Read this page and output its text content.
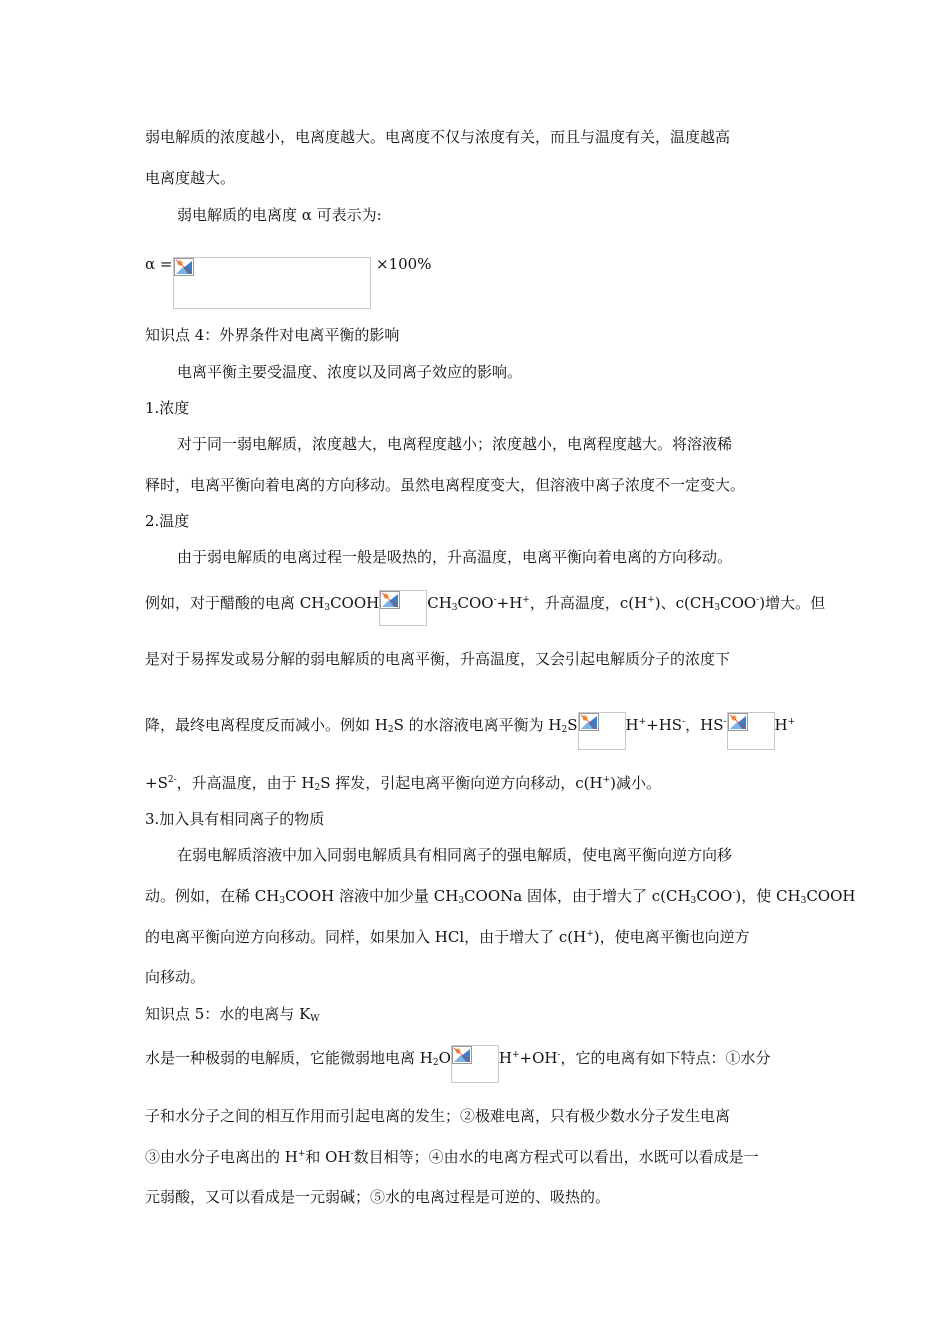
弱电解质的浓度越小，电离度越大。电离度不仅与浓度有关，而且与温度有关，温度越高
电离度越大。
弱电解质的电离度 α 可表示为:
α =	×100%
知识点 4：外界条件对电离平衡的影响
电离平衡主要受温度、浓度以及同离子效应的影响。
1.浓度
对于同一弱电解质，浓度越大，电离程度越小；浓度越小，电离程度越大。将溶液稀
释时，电离平衡向着电离的方向移动。虽然电离程度变大，但溶液中离子浓度不一定变大。
2.温度
由于弱电解质的电离过程一般是吸热的，升高温度，电离平衡向着电离的方向移动。
例如，对于醋酸的电离 $CH_3COOH$	$CH_3COO^-+H^+$，升高温度，c(H+)、$c(CH_3COO^-)$增大。但
是对于易挥发或易分解的弱电解质的电离平衡，升高温度，又会引起电解质分子的浓度下
降，最终电离程度反而减小。例如 $H_2S$ 的水溶液电离平衡为 $H_2S$	H++HS-，HS-	H+
$+S^{2-}$，升高温度，由于 $H_2S$ 挥发，引起电离平衡向逆方向移动，c(H+)减小。
3.加入具有相同离子的物质
在弱电解质溶液中加入同弱电解质具有相同离子的强电解质，使电离平衡向逆方向移
动。例如，在稀 $CH_3COOH$ 溶液中加少量 $CH_3COONa$ 固体，由于增大了 $c(CH_3COO^-)$，使 $CH_3COOH$
的电离平衡向逆方向移动。同样，如果加入 HCl，由于增大了 c(H+)，使电离平衡也向逆方
向移动。
知识点 5：水的电离与 $K_W$
水是一种极弱的电解质，它能微弱地电离 $H_2O$	H++OH-，它的电离有如下特点：①水分
子和水分子之间的相互作用而引起电离的发生；②极难电离，只有极少数水分子发生电离
③由水分子电离出的 H+和 OH-数目相等；④由水的电离方程式可以看出，水既可以看成是一
元弱酸，又可以看成是一元弱碱；⑤水的电离过程是可逆的、吸热的。
